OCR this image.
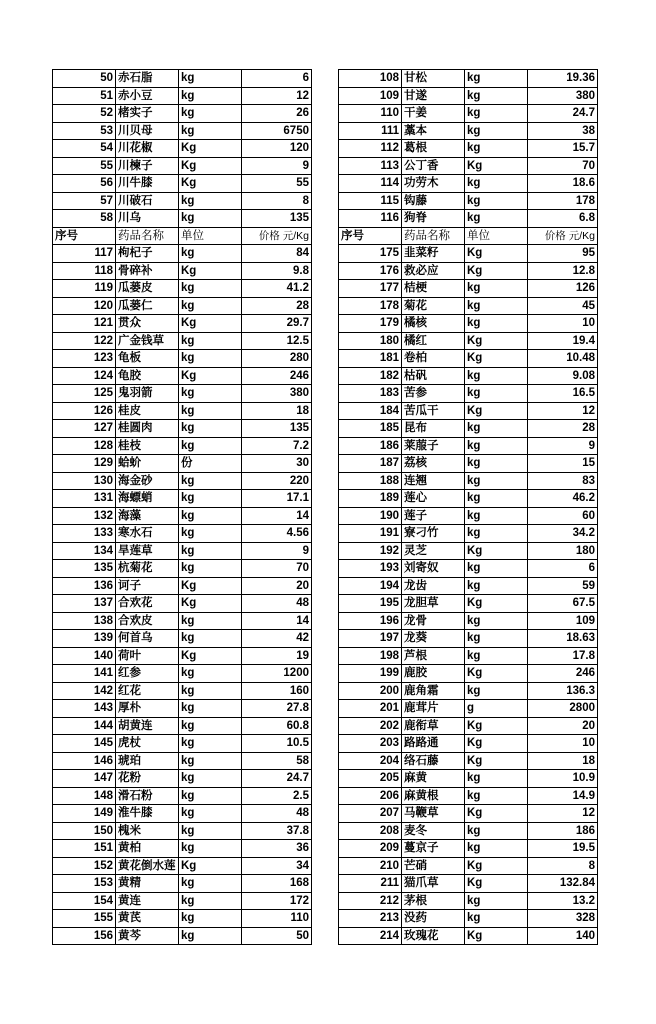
50	赤石脂	kg	6
51	赤小豆	kg	12
52	楮实子	kg	26
53	川贝母	kg	6750
54	川花椒	Kg	120
55	川楝子	Kg	9
56	川牛膝	Kg	55
57	川破石	kg	8
58	川乌	kg	135
序号	药品名称	单位	价格 元/Kg
117	枸杞子	kg	84
118	骨碎补	Kg	9.8
119	瓜蒌皮	kg	41.2
120	瓜蒌仁	kg	28
121	贯众	Kg	29.7
122	广金钱草	kg	12.5
123	龟板	kg	280
124	龟胶	Kg	246
125	鬼羽箭	kg	380
126	桂皮	kg	18
127	桂圆肉	kg	135
128	桂枝	kg	7.2
129	蛤蚧	份	30
130	海金砂	kg	220
131	海螵蛸	kg	17.1
132	海藻	kg	14
133	寒水石	kg	4.56
134	旱莲草	kg	9
135	杭菊花	kg	70
136	诃子	Kg	20
137	合欢花	Kg	48
138	合欢皮	kg	14
139	何首乌	kg	42
140	荷叶	Kg	19
141	红参	kg	1200
142	红花	kg	160
143	厚朴	kg	27.8
144	胡黄连	kg	60.8
145	虎杖	kg	10.5
146	琥珀	kg	58
147	花粉	kg	24.7
148	滑石粉	kg	2.5
149	淮牛膝	kg	48
150	槐米	kg	37.8
151	黄柏	kg	36
152	黄花倒水莲	Kg	34
153	黄精	kg	168
154	黄连	kg	172
155	黄芪	kg	110
156	黄芩	kg	50
108	甘松	kg	19.36
109	甘遂	kg	380
110	干姜	kg	24.7
111	藁本	kg	38
112	葛根	kg	15.7
113	公丁香	Kg	70
114	功劳木	kg	18.6
115	钩藤	kg	178
116	狗脊	kg	6.8
序号	药品名称	单位	价格 元/Kg
175	韭菜籽	Kg	95
176	救必应	Kg	12.8
177	桔梗	kg	126
178	菊花	kg	45
179	橘核	kg	10
180	橘红	Kg	19.4
181	卷柏	Kg	10.48
182	枯矾	kg	9.08
183	苦参	kg	16.5
184	苦瓜干	Kg	12
185	昆布	kg	28
186	莱菔子	kg	9
187	荔核	kg	15
188	连翘	kg	83
189	莲心	kg	46.2
190	莲子	kg	60
191	寮刁竹	kg	34.2
192	灵芝	Kg	180
193	刘寄奴	kg	6
194	龙齿	kg	59
195	龙胆草	Kg	67.5
196	龙骨	kg	109
197	龙葵	kg	18.63
198	芦根	kg	17.8
199	鹿胶	Kg	246
200	鹿角霜	kg	136.3
201	鹿茸片	g	2800
202	鹿衔草	Kg	20
203	路路通	Kg	10
204	络石藤	Kg	18
205	麻黄	kg	10.9
206	麻黄根	kg	14.9
207	马鞭草	Kg	12
208	麦冬	kg	186
209	蔓京子	kg	19.5
210	芒硝	Kg	8
211	猫爪草	Kg	132.84
212	茅根	kg	13.2
213	没药	kg	328
214	玫瑰花	Kg	140
